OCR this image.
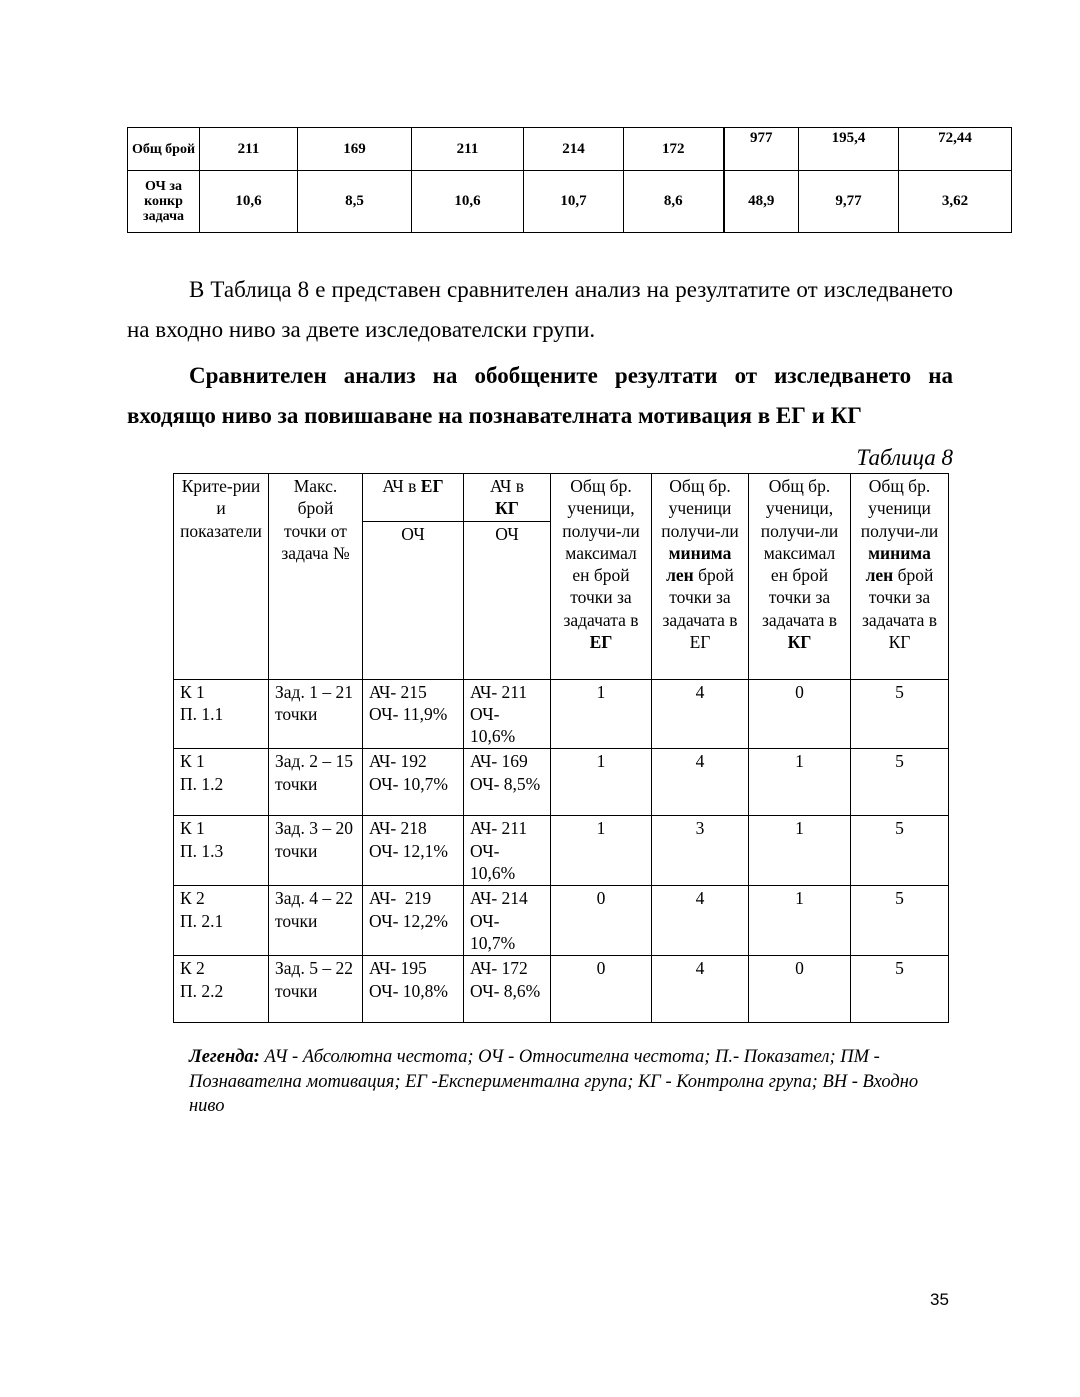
Общ брой	211	169	211	214	172	977	195,4	72,44
ОЧ за конкр задача	10,6	8,5	10,6	10,7	8,6	48,9	9,77	3,62

В Таблица 8 е представен сравнителен анализ на резултатите от изследването на входно ниво за двете изследователски групи.

Сравнителен анализ на обобщените резултати от изследването на
входящо ниво за повишаване на познавателната мотивация в ЕГ и КГ

Таблица 8

Крите-рии и показатели	Макс. брой точки от задача №	АЧ в ЕГ	АЧ в
КГ	Общ бр. ученици, получи-ли максимал ен брой точки за задачата в ЕГ	Общ бр. ученици получи-ли минима лен брой точки за задачата в ЕГ	Общ бр. ученици, получи-ли максимал ен брой точки за задачата в КГ	Общ бр. ученици получи-ли минима лен брой точки за задачата в КГ
		ОЧ	ОЧ				

К 1
П. 1.1	Зад. 1 – 21 точки	АЧ- 215
ОЧ- 11,9%	АЧ- 211
ОЧ- 10,6%	1	4	0	5

К 1
П. 1.2	Зад. 2 – 15 точки	АЧ- 192
ОЧ- 10,7%	АЧ- 169
ОЧ- 8,5%	1	4	1	5

К 1
П. 1.3	Зад. 3 – 20 точки	АЧ- 218
ОЧ- 12,1%	АЧ- 211
ОЧ- 10,6%	1	3	1	5

К 2
П. 2.1	Зад. 4 – 22 точки	АЧ-  219
ОЧ- 12,2%	АЧ- 214
ОЧ- 10,7%	0	4	1	5

К 2
П. 2.2	Зад. 5 – 22 точки	АЧ- 195
ОЧ- 10,8%	АЧ- 172
ОЧ- 8,6%	0	4	0	5

Легенда: АЧ - Абсолютна честота; ОЧ - Относителна честота; П.- Показател; ПМ - Познавателна мотивация; ЕГ -Експериментална група; КГ - Контролна група; ВН - Входно ниво

35
